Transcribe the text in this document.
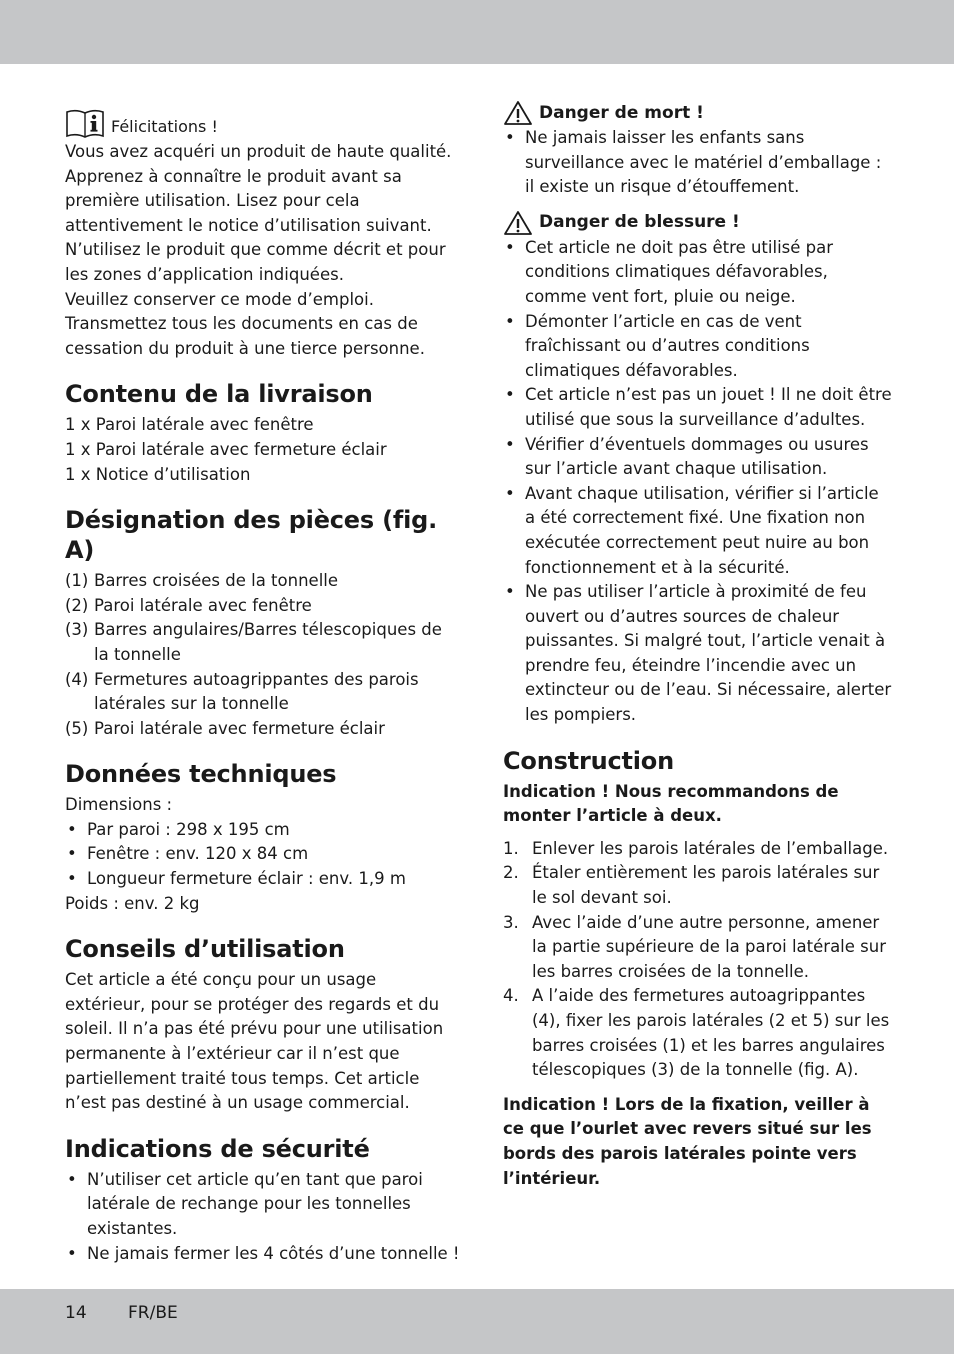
Félicitations !

Vous avez acquéri un produit de haute qualité. Apprenez à connaître le produit avant sa première utilisation. Lisez pour cela attentivement le notice d’utilisation suivant.

N’utilisez le produit que comme décrit et pour les zones d’application indiquées.

Veuillez conserver ce mode d’emploi.

Transmettez tous les documents en cas de cessation du produit à une tierce personne.

Contenu de la livraison

1 x Paroi latérale avec fenêtre

1 x Paroi latérale avec fermeture éclair

1 x Notice d’utilisation

Désignation des pièces (fig. A)
(1) Barres croisées de la tonnelle
(2) Paroi latérale avec fenêtre
(3) Barres angulaires/Barres télescopiques de la tonnelle
(4) Fermetures autoagrippantes des parois latérales sur la tonnelle
(5) Paroi latérale avec fermeture éclair
Données techniques

Dimensions :

• Par paroi : 298 x 195 cm
• Fenêtre : env. 120 x 84 cm
• Longueur fermeture éclair : env. 1,9 m

Poids : env. 2 kg

Conseils d’utilisation

Cet article a été conçu pour un usage extérieur, pour se protéger des regards et du soleil. Il n’a pas été prévu pour une utilisation permanente à l’extérieur car il n’est que partiellement traité tous temps. Cet article n’est pas destiné à un usage commercial.

Indications de sécurité
• N’utiliser cet article qu’en tant que paroi latérale de rechange pour les tonnelles existantes.
• Ne jamais fermer les 4 côtés d’une tonnelle !
Danger de mort !
• Ne jamais laisser les enfants sans surveillance avec le matériel d’emballage : il existe un risque d’étouffement.
Danger de blessure !
• Cet article ne doit pas être utilisé par conditions climatiques défavorables, comme vent fort, pluie ou neige.
• Démonter l’article en cas de vent fraîchissant ou d’autres conditions climatiques défavorables.
• Cet article n’est pas un jouet ! Il ne doit être utilisé que sous la surveillance d’adultes.
• Vérifier d’éventuels dommages ou usures sur l’article avant chaque utilisation.
• Avant chaque utilisation, vérifier si l’article a été correctement fixé. Une fixation non exécutée correctement peut nuire au bon fonctionnement et à la sécurité.
• Ne pas utiliser l’article à proximité de feu ouvert ou d’autres sources de chaleur puissantes. Si malgré tout, l’article venait à prendre feu, éteindre l’incendie avec un extincteur ou de l’eau. Si nécessaire, alerter les pompiers.
Construction

Indication ! Nous recommandons de monter l’article à deux.

1. Enlever les parois latérales de l’emballage.
2. Étaler entièrement les parois latérales sur le sol devant soi.
3. Avec l’aide d’une autre personne, amener la partie supérieure de la paroi latérale sur les barres croisées de la tonnelle.
4. A l’aide des fermetures autoagrippantes (4), fixer les parois latérales (2 et 5) sur les barres croisées (1) et les barres angulaires télescopiques (3) de la tonnelle (fig. A).

Indication ! Lors de la fixation, veiller à ce que l’ourlet avec revers situé sur les bords des parois latérales pointe vers l’intérieur.

14 FR/BE
